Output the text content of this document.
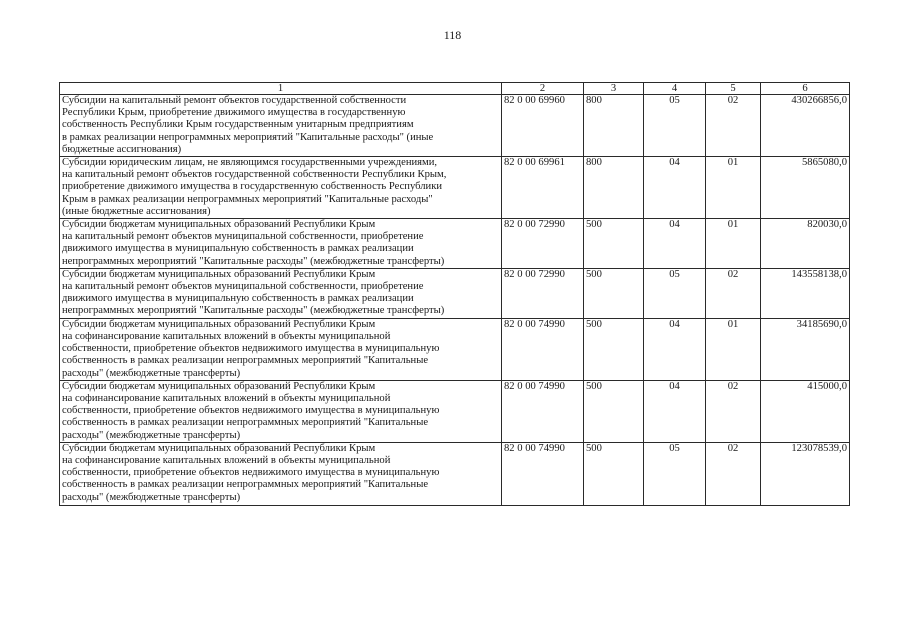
118
1	2	3	4	5	6

Субсидии на капитальный ремонт объектов государственной собственности
Республики Крым, приобретение движимого имущества в государственную
собственность Республики Крым государственным унитарным предприятиям
в рамках реализации непрограммных мероприятий "Капитальные расходы" (иные
бюджетные ассигнования)	82 0 00 69960	800	05	02	430266856,0

Субсидии юридическим лицам, не являющимся государственными учреждениями,
на капитальный ремонт объектов государственной собственности Республики Крым,
приобретение движимого имущества в государственную собственность Республики
Крым в рамках реализации непрограммных мероприятий "Капитальные расходы"
(иные бюджетные ассигнования)	82 0 00 69961	800	04	01	5865080,0

Субсидии бюджетам муниципальных образований Республики Крым
на капитальный ремонт объектов муниципальной собственности, приобретение
движимого имущества в муниципальную собственность в рамках реализации
непрограммных мероприятий "Капитальные расходы" (межбюджетные трансферты)	82 0 00 72990	500	04	01	820030,0

Субсидии бюджетам муниципальных образований Республики Крым
на капитальный ремонт объектов муниципальной собственности, приобретение
движимого имущества в муниципальную собственность в рамках реализации
непрограммных мероприятий "Капитальные расходы" (межбюджетные трансферты)	82 0 00 72990	500	05	02	143558138,0

Субсидии бюджетам муниципальных образований Республики Крым
на софинансирование капитальных вложений в объекты муниципальной
собственности, приобретение объектов недвижимого имущества в муниципальную
собственность в рамках реализации непрограммных мероприятий "Капитальные
расходы" (межбюджетные трансферты)	82 0 00 74990	500	04	01	34185690,0

Субсидии бюджетам муниципальных образований Республики Крым
на софинансирование капитальных вложений в объекты муниципальной
собственности, приобретение объектов недвижимого имущества в муниципальную
собственность в рамках реализации непрограммных мероприятий "Капитальные
расходы" (межбюджетные трансферты)	82 0 00 74990	500	04	02	415000,0

Субсидии бюджетам муниципальных образований Республики Крым
на софинансирование капитальных вложений в объекты муниципальной
собственности, приобретение объектов недвижимого имущества в муниципальную
собственность в рамках реализации непрограммных мероприятий "Капитальные
расходы" (межбюджетные трансферты)	82 0 00 74990	500	05	02	123078539,0
